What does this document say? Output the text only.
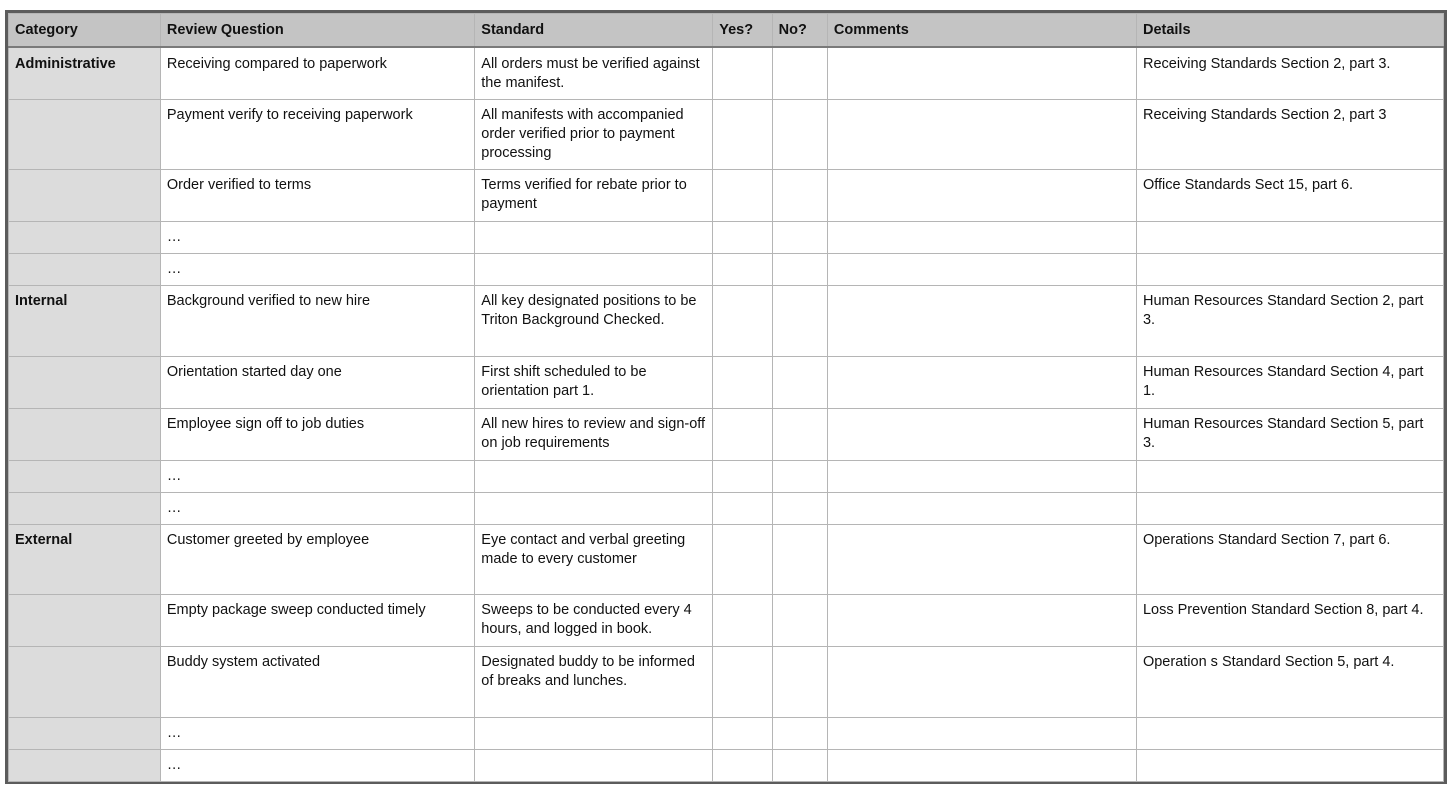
Category	Review Question	Standard	Yes?	No?	Comments	Details
Administrative	Receiving compared to paperwork	All orders must be verified against the manifest.				Receiving Standards Section 2, part 3.
	Payment verify to receiving paperwork	All manifests with accompanied order verified prior to payment processing				Receiving Standards Section 2, part 3
	Order verified to terms	Terms verified for rebate prior to payment				Office Standards Sect 15, part 6.
	…					
	…					
Internal	Background verified to new hire	All key designated positions to be Triton Background Checked.				Human Resources Standard Section 2, part 3.
	Orientation started day one	First shift scheduled to be orientation part 1.				Human Resources Standard Section 4, part 1.
	Employee sign off to job duties	All new hires to review and sign-off on job requirements				Human Resources Standard Section 5, part 3.
	…					
	…					
External	Customer greeted by employee	Eye contact and verbal greeting made to every customer				Operations Standard Section 7, part 6.
	Empty package sweep conducted timely	Sweeps to be conducted every 4 hours, and logged in book.				Loss Prevention Standard Section 8, part 4.
	Buddy system activated	Designated buddy to be informed of breaks and lunches.				Operation s Standard Section 5, part 4.
	…					
	…					
